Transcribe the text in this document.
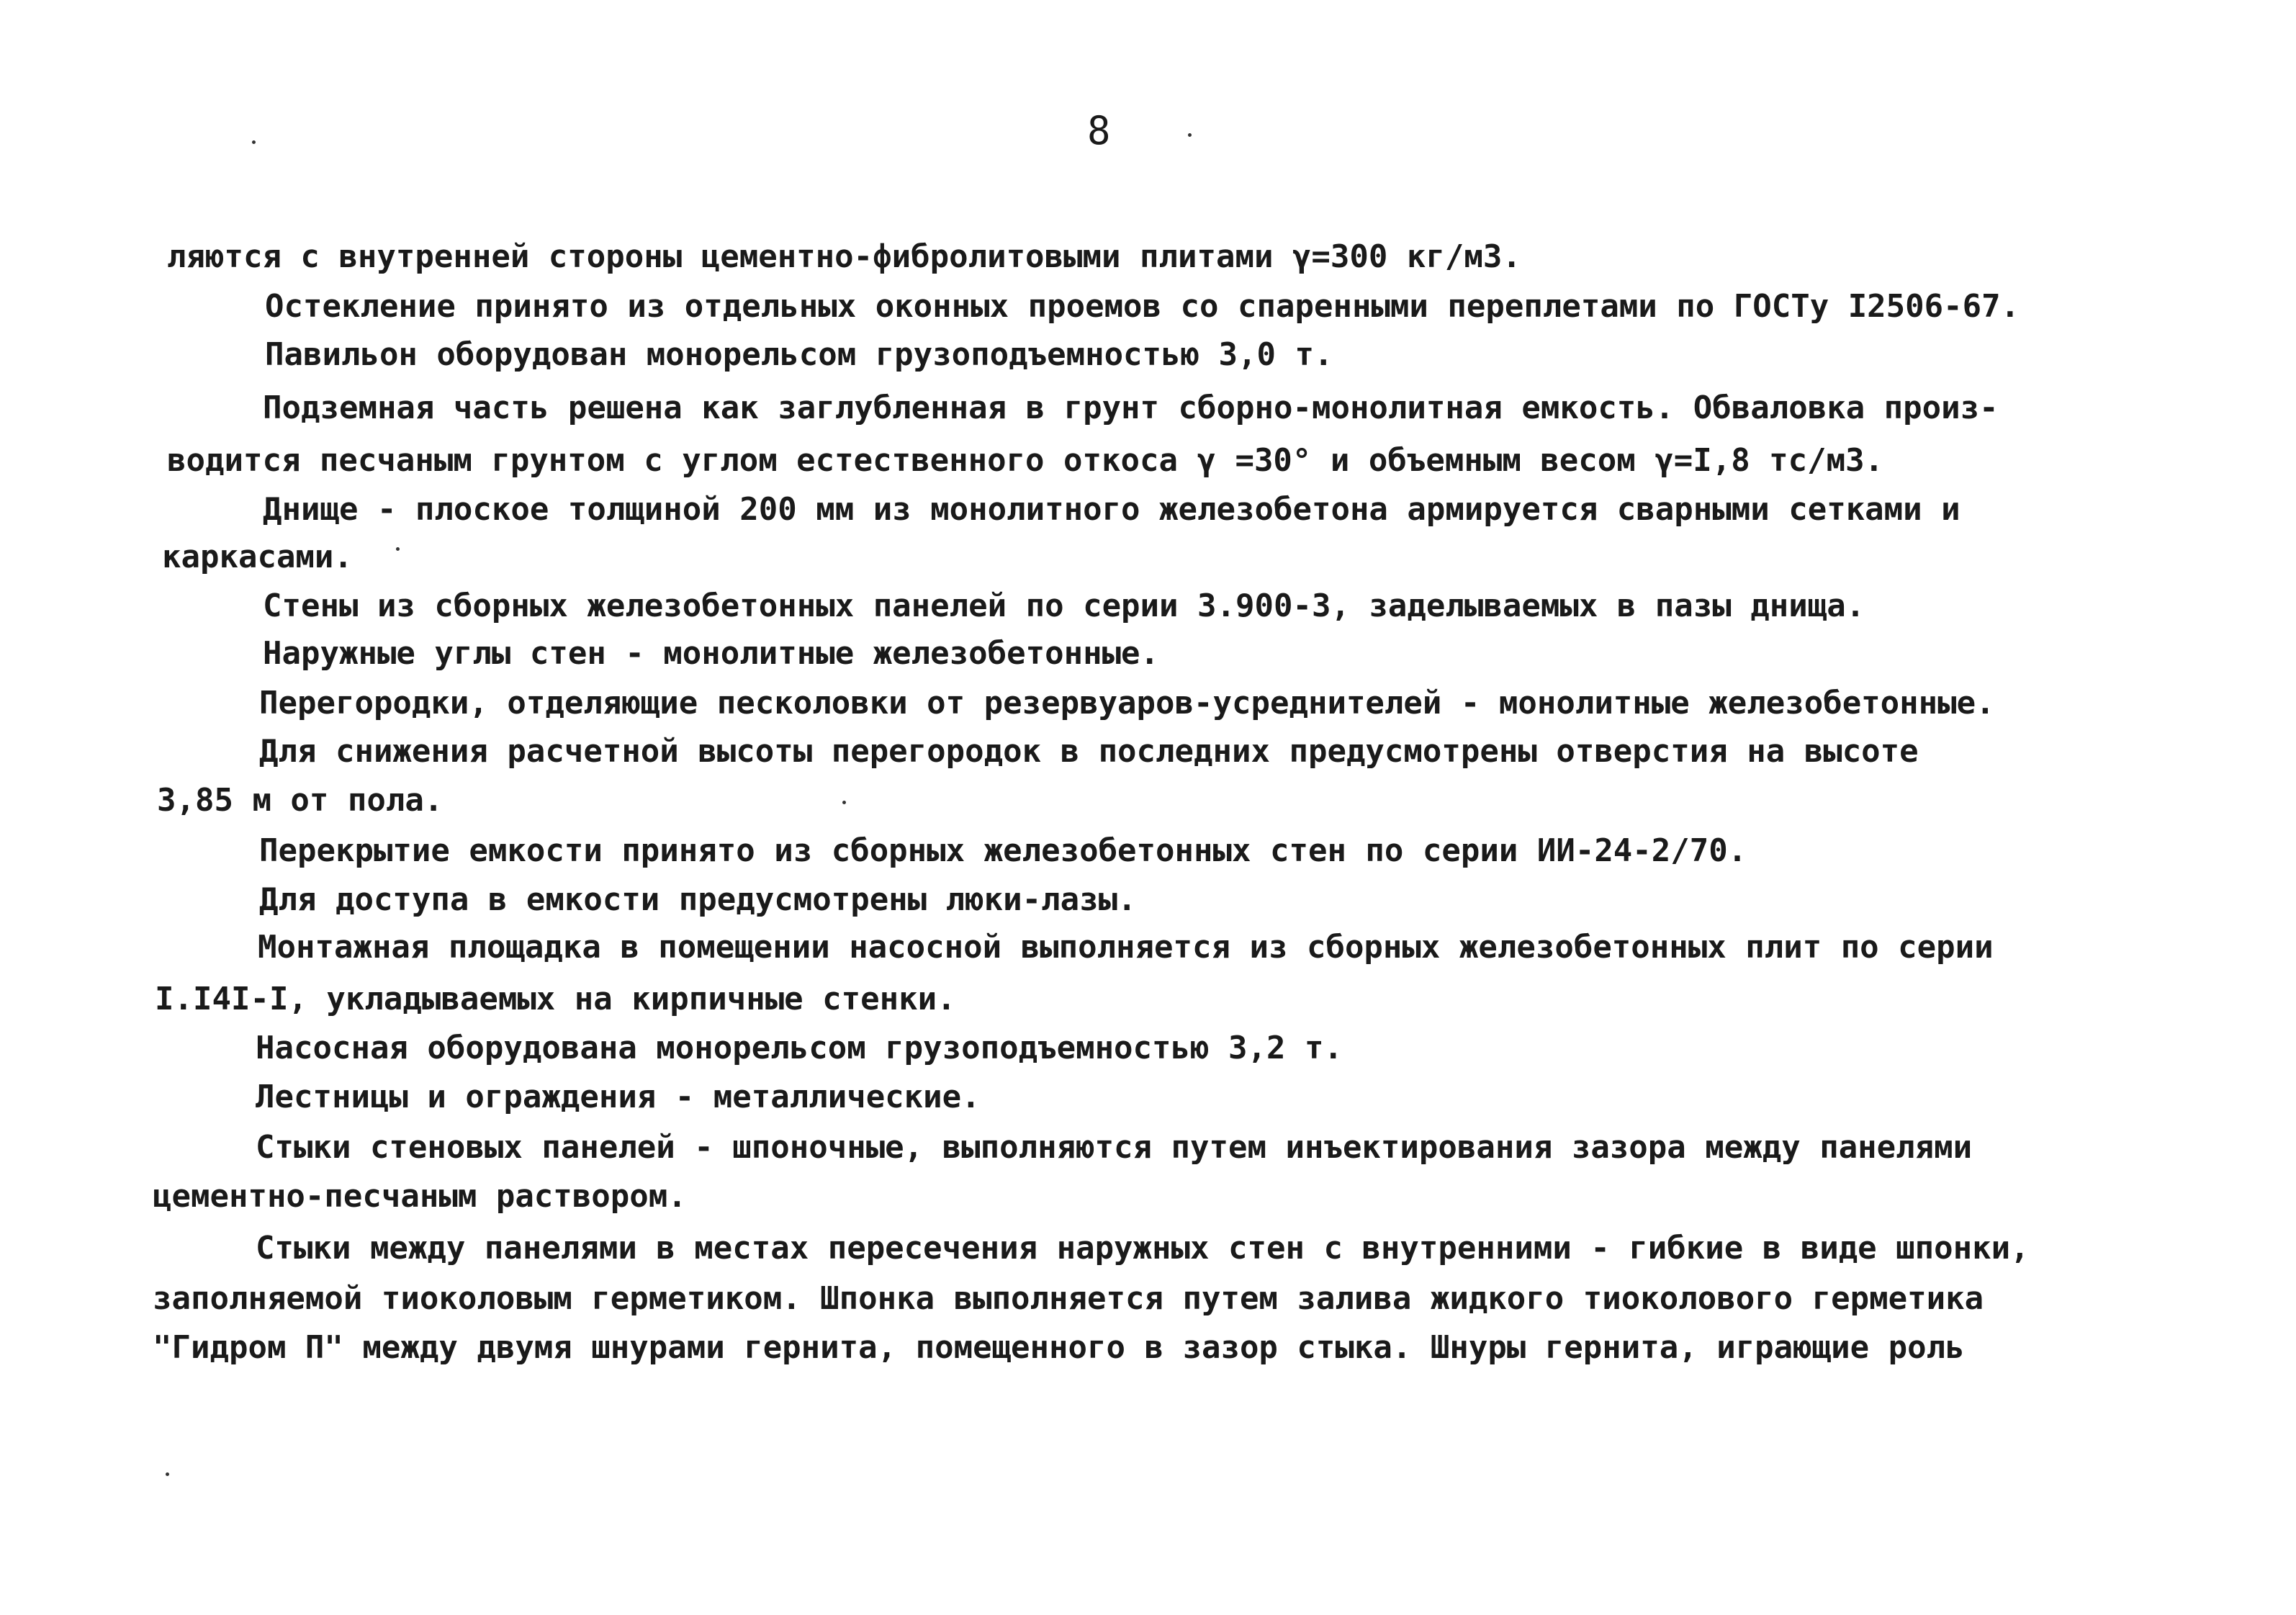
8
ляются с внутренней стороны цементно-фибролитовыми плитами γ=300 кг/м3.
Остекление принято из отдельных оконных проемов со спаренными переплетами по ГОСТу I2506-67.
Павильон оборудован монорельсом грузоподъемностью 3,0 т.
Подземная часть решена как заглубленная в грунт сборно-монолитная емкость. Обваловка произ-
водится песчаным грунтом с углом естественного откоса γ =30° и объемным весом γ=I,8 тс/м3.
Днище - плоское толщиной 200 мм из монолитного железобетона армируется сварными сетками и
каркасами.
Стены из сборных железобетонных панелей по серии 3.900-3, заделываемых в пазы днища.
Наружные углы стен - монолитные железобетонные.
Перегородки, отделяющие песколовки от резервуаров-усреднителей - монолитные железобетонные.
Для снижения расчетной высоты перегородок в последних предусмотрены отверстия на высоте
3,85 м от пола.
Перекрытие емкости принято из сборных железобетонных стен по серии ИИ-24-2/70.
Для доступа в емкости предусмотрены люки-лазы.
Монтажная площадка в помещении насосной выполняется из сборных железобетонных плит по серии
I.I4I-I, укладываемых на кирпичные стенки.
Насосная оборудована монорельсом грузоподъемностью 3,2 т.
Лестницы и ограждения - металлические.
Стыки стеновых панелей - шпоночные, выполняются путем инъектирования зазора между панелями
цементно-песчаным раствором.
Стыки между панелями в местах пересечения наружных стен с внутренними - гибкие в виде шпонки,
заполняемой тиоколовым герметиком. Шпонка выполняется путем залива жидкого тиоколового герметика
"Гидром П" между двумя шнурами гернита, помещенного в зазор стыка. Шнуры гернита, играющие роль
